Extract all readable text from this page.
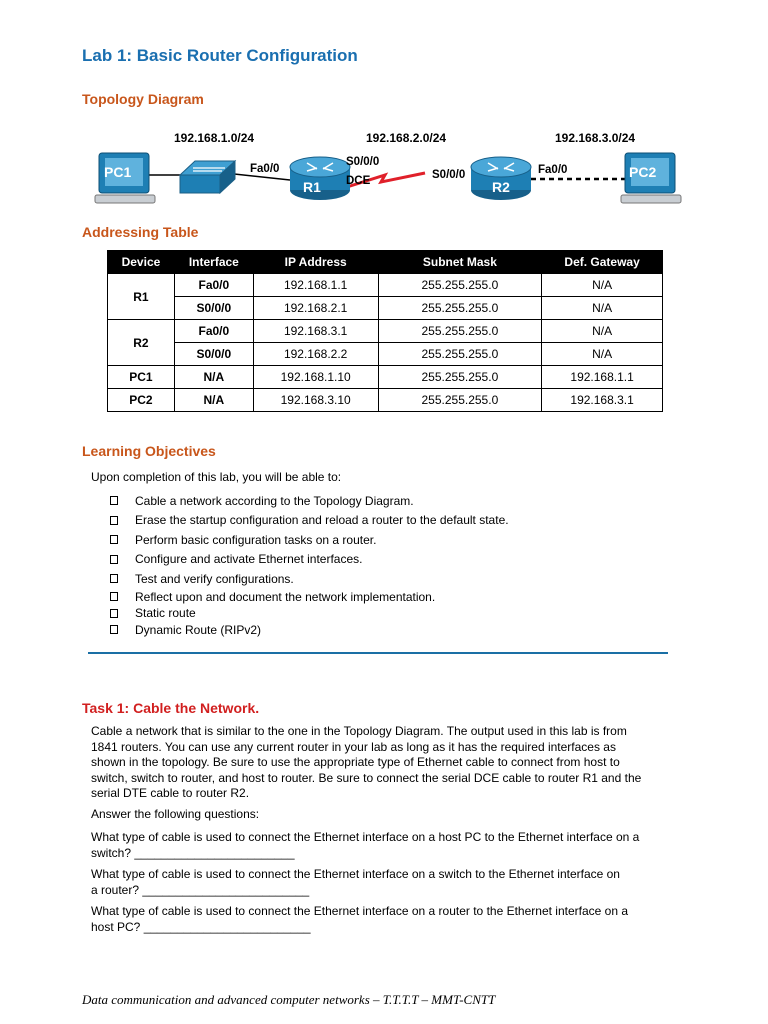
Lab 1: Basic Router Configuration
Topology Diagram
192.168.1.0/24	192.168.2.0/24	192.168.3.0/24
PC1
R1	R2
PC2
Fa0/0
S0/0/0
DCE	S0/0/0	Fa0/0
Addressing Table
Device	Interface	IP Address	Subnet Mask	Def. Gateway
R1	Fa0/0	192.168.1.1	255.255.255.0	N/A
	S0/0/0	192.168.2.1	255.255.255.0	N/A
R2	Fa0/0	192.168.3.1	255.255.255.0	N/A
	S0/0/0	192.168.2.2	255.255.255.0	N/A
PC1	N/A	192.168.1.10	255.255.255.0	192.168.1.1
PC2	N/A	192.168.3.10	255.255.255.0	192.168.3.1
Learning Objectives
Upon completion of this lab, you will be able to:
Cable a network according to the Topology Diagram.
Erase the startup configuration and reload a router to the default state.
Perform basic configuration tasks on a router.
Configure and activate Ethernet interfaces.
Test and verify configurations.
Reflect upon and document the network implementation.
Static route
Dynamic Route (RIPv2)
Task 1: Cable the Network.
Cable a network that is similar to the one in the Topology Diagram. The output used in this lab is from
1841 routers. You can use any current router in your lab as long as it has the required interfaces as
shown in the topology. Be sure to use the appropriate type of Ethernet cable to connect from host to
switch, switch to router, and host to router. Be sure to connect the serial DCE cable to router R1 and the
serial DTE cable to router R2.
Answer the following questions:
What type of cable is used to connect the Ethernet interface on a host PC to the Ethernet interface on a
switch? ________________________
What type of cable is used to connect the Ethernet interface on a switch to the Ethernet interface on
a router? _________________________
What type of cable is used to connect the Ethernet interface on a router to the Ethernet interface on a
host PC? _________________________
Data communication and advanced computer networks – T.T.T.T – MMT-CNTT
